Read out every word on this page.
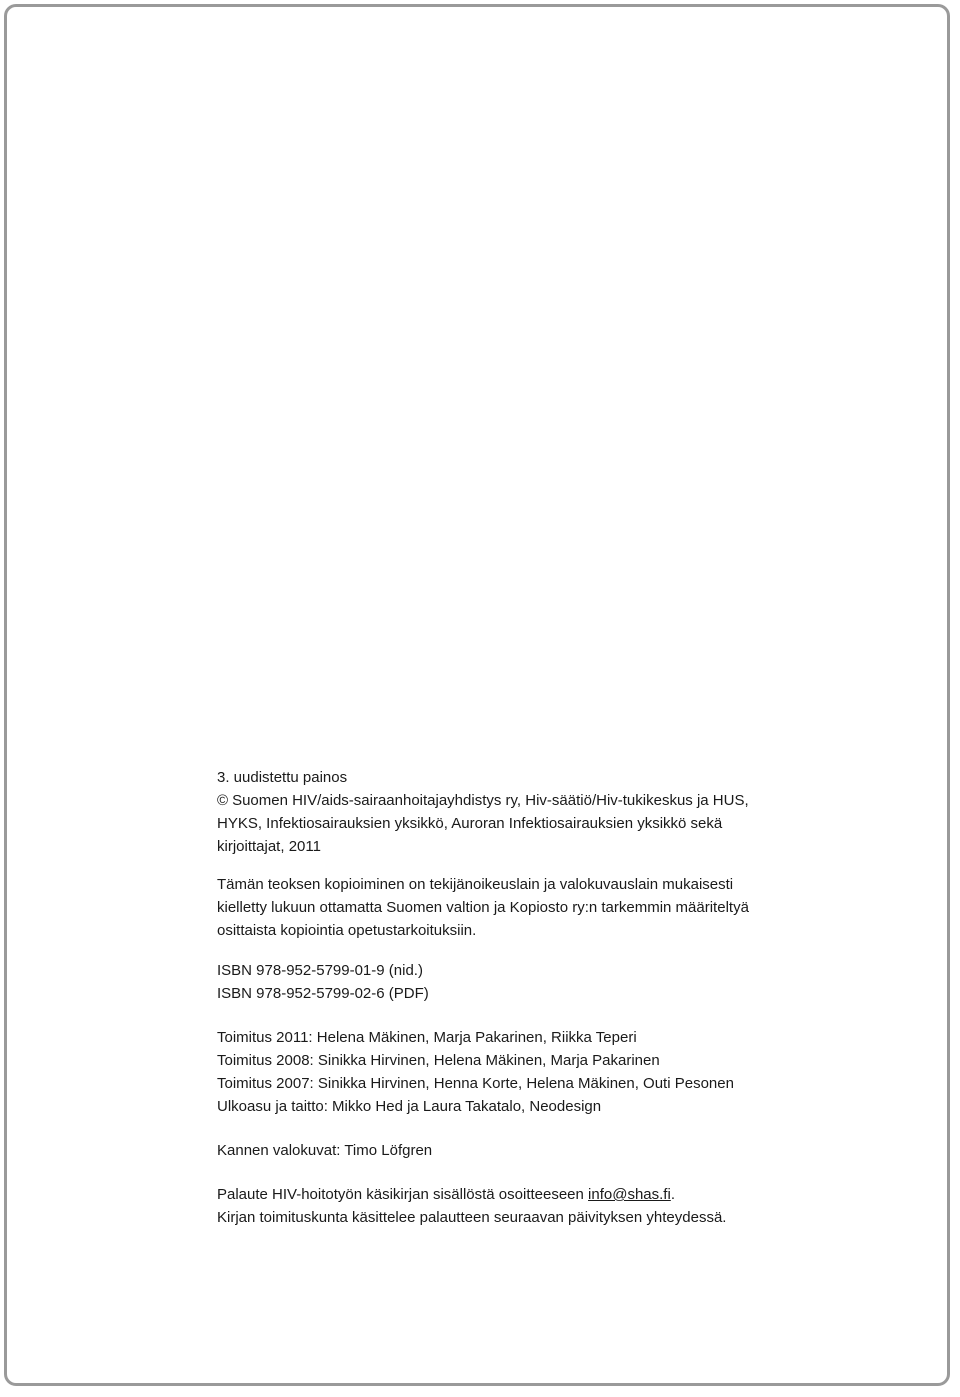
3. uudistettu painos
© Suomen HIV/aids-sairaanhoitajayhdistys ry, Hiv-säätiö/Hiv-tukikeskus ja HUS,
HYKS, Infektiosairauksien yksikkö, Auroran Infektiosairauksien yksikkö sekä
kirjoittajat, 2011
Tämän teoksen kopioiminen on tekijänoikeuslain ja valokuvauslain mukaisesti
kielletty lukuun ottamatta Suomen valtion ja Kopiosto ry:n tarkemmin määriteltyä
osittaista kopiointia opetustarkoituksiin.
ISBN 978-952-5799-01-9 (nid.)
ISBN 978-952-5799-02-6 (PDF)
Toimitus 2011: Helena Mäkinen, Marja Pakarinen, Riikka Teperi
Toimitus 2008: Sinikka Hirvinen, Helena Mäkinen, Marja Pakarinen
Toimitus 2007: Sinikka Hirvinen, Henna Korte, Helena Mäkinen, Outi Pesonen
Ulkoasu ja taitto: Mikko Hed ja Laura Takatalo, Neodesign
Kannen valokuvat: Timo Löfgren
Palaute HIV-hoitotyön käsikirjan sisällöstä osoitteeseen info@shas.fi.
Kirjan toimituskunta käsittelee palautteen seuraavan päivityksen yhteydessä.
